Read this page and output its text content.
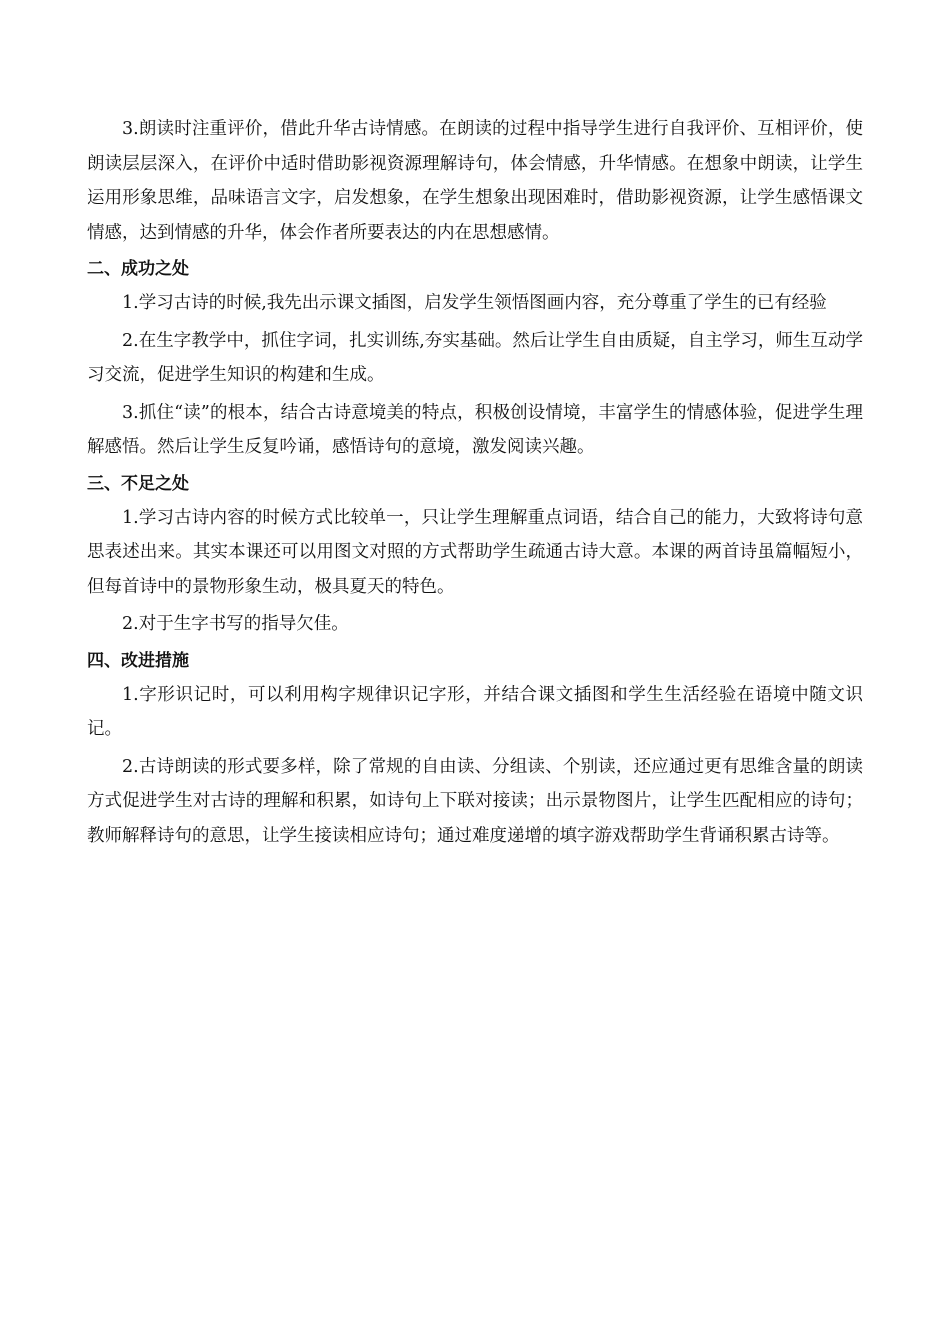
3.朗读时注重评价，借此升华古诗情感。在朗读的过程中指导学生进行自我评价、互相评价，使朗读层层深入，在评价中适时借助影视资源理解诗句，体会情感，升华情感。在想象中朗读，让学生运用形象思维，品味语言文字，启发想象，在学生想象出现困难时，借助影视资源，让学生感悟课文情感，达到情感的升华，体会作者所要表达的内在思想感情。

二、成功之处

1.学习古诗的时候,我先出示课文插图，启发学生领悟图画内容，充分尊重了学生的已有经验

2.在生字教学中，抓住字词，扎实训练,夯实基础。然后让学生自由质疑，自主学习，师生互动学习交流，促进学生知识的构建和生成。

3.抓住“读”的根本，结合古诗意境美的特点，积极创设情境，丰富学生的情感体验，促进学生理解感悟。然后让学生反复吟诵，感悟诗句的意境，激发阅读兴趣。

三、不足之处

1.学习古诗内容的时候方式比较单一，只让学生理解重点词语，结合自己的能力，大致将诗句意思表述出来。其实本课还可以用图文对照的方式帮助学生疏通古诗大意。本课的两首诗虽篇幅短小，但每首诗中的景物形象生动，极具夏天的特色。

2.对于生字书写的指导欠佳。

四、改进措施

1.字形识记时，可以利用构字规律识记字形，并结合课文插图和学生生活经验在语境中随文识记。

2.古诗朗读的形式要多样，除了常规的自由读、分组读、个别读，还应通过更有思维含量的朗读方式促进学生对古诗的理解和积累，如诗句上下联对接读；出示景物图片，让学生匹配相应的诗句；教师解释诗句的意思，让学生接读相应诗句；通过难度递增的填字游戏帮助学生背诵积累古诗等。
